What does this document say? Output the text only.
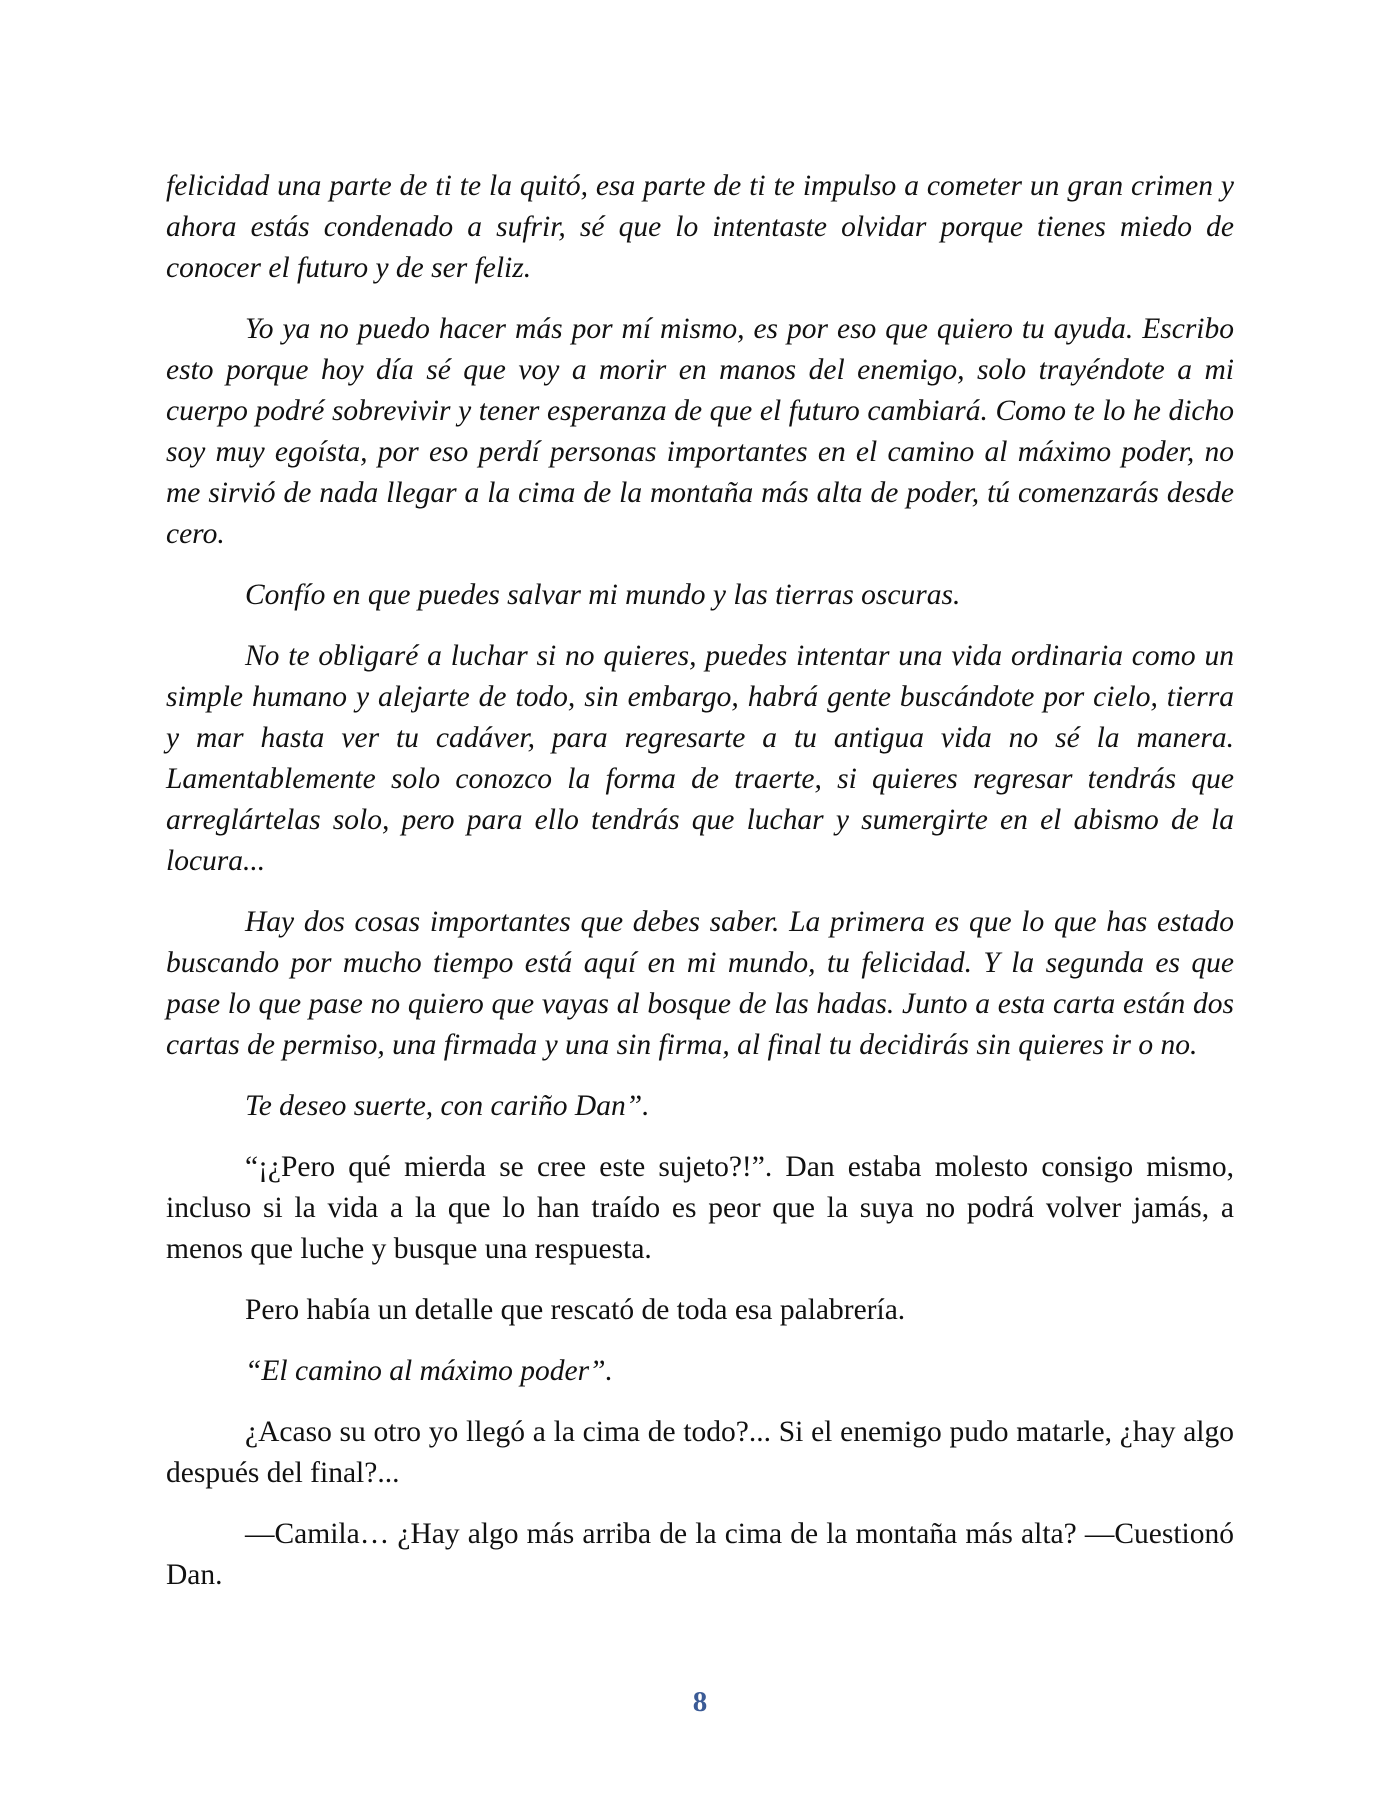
felicidad una parte de ti te la quitó, esa parte de ti te impulso a cometer un gran crimen y ahora estás condenado a sufrir, sé que lo intentaste olvidar porque tienes miedo de conocer el futuro y de ser feliz.

Yo ya no puedo hacer más por mí mismo, es por eso que quiero tu ayuda. Escribo esto porque hoy día sé que voy a morir en manos del enemigo, solo trayéndote a mi cuerpo podré sobrevivir y tener esperanza de que el futuro cambiará. Como te lo he dicho soy muy egoísta, por eso perdí personas importantes en el camino al máximo poder, no me sirvió de nada llegar a la cima de la montaña más alta de poder, tú comenzarás desde cero.

Confío en que puedes salvar mi mundo y las tierras oscuras.

No te obligaré a luchar si no quieres, puedes intentar una vida ordinaria como un simple humano y alejarte de todo, sin embargo, habrá gente buscándote por cielo, tierra y mar hasta ver tu cadáver, para regresarte a tu antigua vida no sé la manera. Lamentablemente solo conozco la forma de traerte, si quieres regresar tendrás que arreglártelas solo, pero para ello tendrás que luchar y sumergirte en el abismo de la locura...

Hay dos cosas importantes que debes saber. La primera es que lo que has estado buscando por mucho tiempo está aquí en mi mundo, tu felicidad. Y la segunda es que pase lo que pase no quiero que vayas al bosque de las hadas. Junto a esta carta están dos cartas de permiso, una firmada y una sin firma, al final tu decidirás sin quieres ir o no.

Te deseo suerte, con cariño Dan”.

“¡¿Pero qué mierda se cree este sujeto?!”. Dan estaba molesto consigo mismo, incluso si la vida a la que lo han traído es peor que la suya no podrá volver jamás, a menos que luche y busque una respuesta.

Pero había un detalle que rescató de toda esa palabrería.

“El camino al máximo poder”.

¿Acaso su otro yo llegó a la cima de todo?... Si el enemigo pudo matarle, ¿hay algo después del final?...

—Camila… ¿Hay algo más arriba de la cima de la montaña más alta? —Cuestionó Dan.

8
